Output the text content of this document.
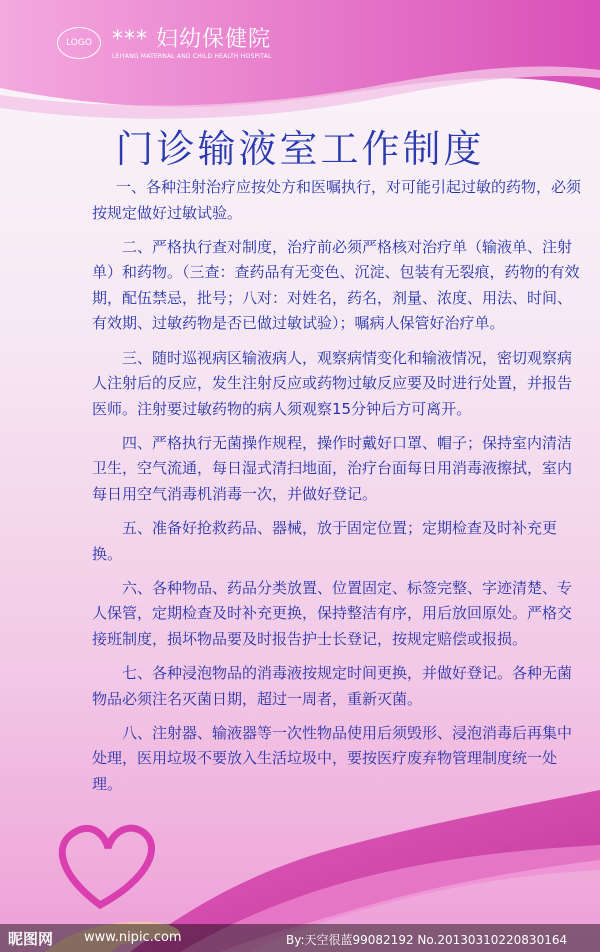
LOGO *** 妇幼保健院
LEIYANG MATERNAL AND CHILD HEALTH HOSPITAL
门诊输液室工作制度

一、各种注射治疗应按处方和医嘱执行，对可能引起过敏的药物，必须按规定做好过敏试验。

二、严格执行查对制度，治疗前必须严格核对治疗单（输液单、注射单）和药物。（三查：查药品有无变色、沉淀、包装有无裂痕，药物的有效期，配伍禁忌，批号；八对：对姓名，药名，剂量、浓度、用法、时间、有效期、过敏药物是否已做过敏试验）；嘱病人保管好治疗单。

三、随时巡视病区输液病人，观察病情变化和输液情况，密切观察病人注射后的反应，发生注射反应或药物过敏反应要及时进行处置，并报告医师。注射要过敏药物的病人须观察15分钟后方可离开。

四、严格执行无菌操作规程，操作时戴好口罩、帽子；保持室内清洁卫生，空气流通，每日湿式清扫地面，治疗台面每日用消毒液擦拭，室内每日用空气消毒机消毒一次，并做好登记。

五、准备好抢救药品、器械，放于固定位置；定期检查及时补充更换。

六、各种物品、药品分类放置、位置固定、标签完整、字迹清楚、专人保管，定期检查及时补充更换，保持整洁有序，用后放回原处。严格交接班制度，损坏物品要及时报告护士长登记，按规定赔偿或报损。

七、各种浸泡物品的消毒液按规定时间更换，并做好登记。各种无菌物品必须注名灭菌日期，超过一周者，重新灭菌。

八、注射器、输液器等一次性物品使用后须毁形、浸泡消毒后再集中处理，医用垃圾不要放入生活垃圾中，要按医疗废弃物管理制度统一处理。

昵图网 www.nipic.com	By:天空很蓝99082192 No.20130310220830164
